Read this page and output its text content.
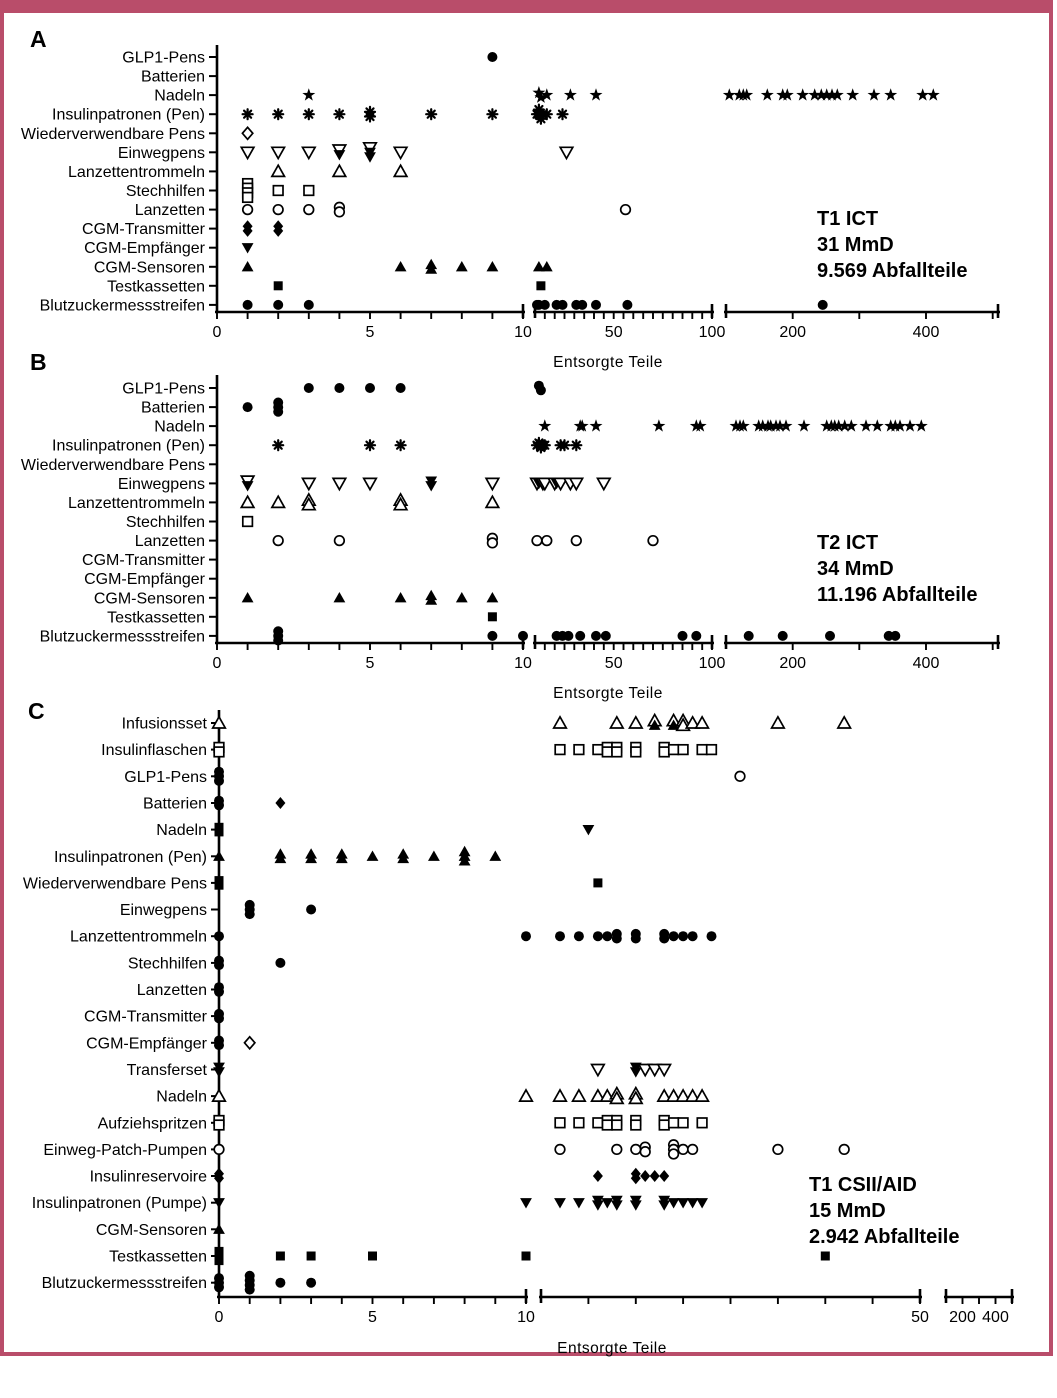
GLP1-Pens
Batterien
Nadeln
Insulinpatronen (Pen)
Wiederverwendbare Pens
Einwegpens
Lanzettentrommeln
Stechhilfen
Lanzetten
CGM-Transmitter
CGM-Empfänger
CGM-Sensoren
Testkassetten
Blutzuckermessstreifen
0	5	10	50	100	200	400
GLP1-Pens
Batterien
Nadeln
Insulinpatronen (Pen)
Wiederverwendbare Pens
Einwegpens
Lanzettentrommeln
Stechhilfen
Lanzetten
CGM-Transmitter
CGM-Empfänger
CGM-Sensoren
Testkassetten
Blutzuckermessstreifen
0	5	10	50	100	200	400
Infusionsset
Insulinflaschen
GLP1-Pens
Batterien
Nadeln
Insulinpatronen (Pen)
Wiederverwendbare Pens
Einwegpens
Lanzettentrommeln
Stechhilfen
Lanzetten
CGM-Transmitter
CGM-Empfänger
Transferset
Nadeln
Aufziehspritzen
Einweg-Patch-Pumpen
Insulinreservoire
Insulinpatronen (Pumpe)
CGM-Sensoren
Testkassetten
Blutzuckermessstreifen
0	5	10	50 200 400
A
B
C
T1 ICT
31 MmD
9.569 Abfallteile
T2 ICT
34 MmD
11.196 Abfallteile
T1 CSII/AID
15 MmD
2.942 Abfallteile
Entsorgte Teile
Entsorgte Teile
Entsorgte Teile
